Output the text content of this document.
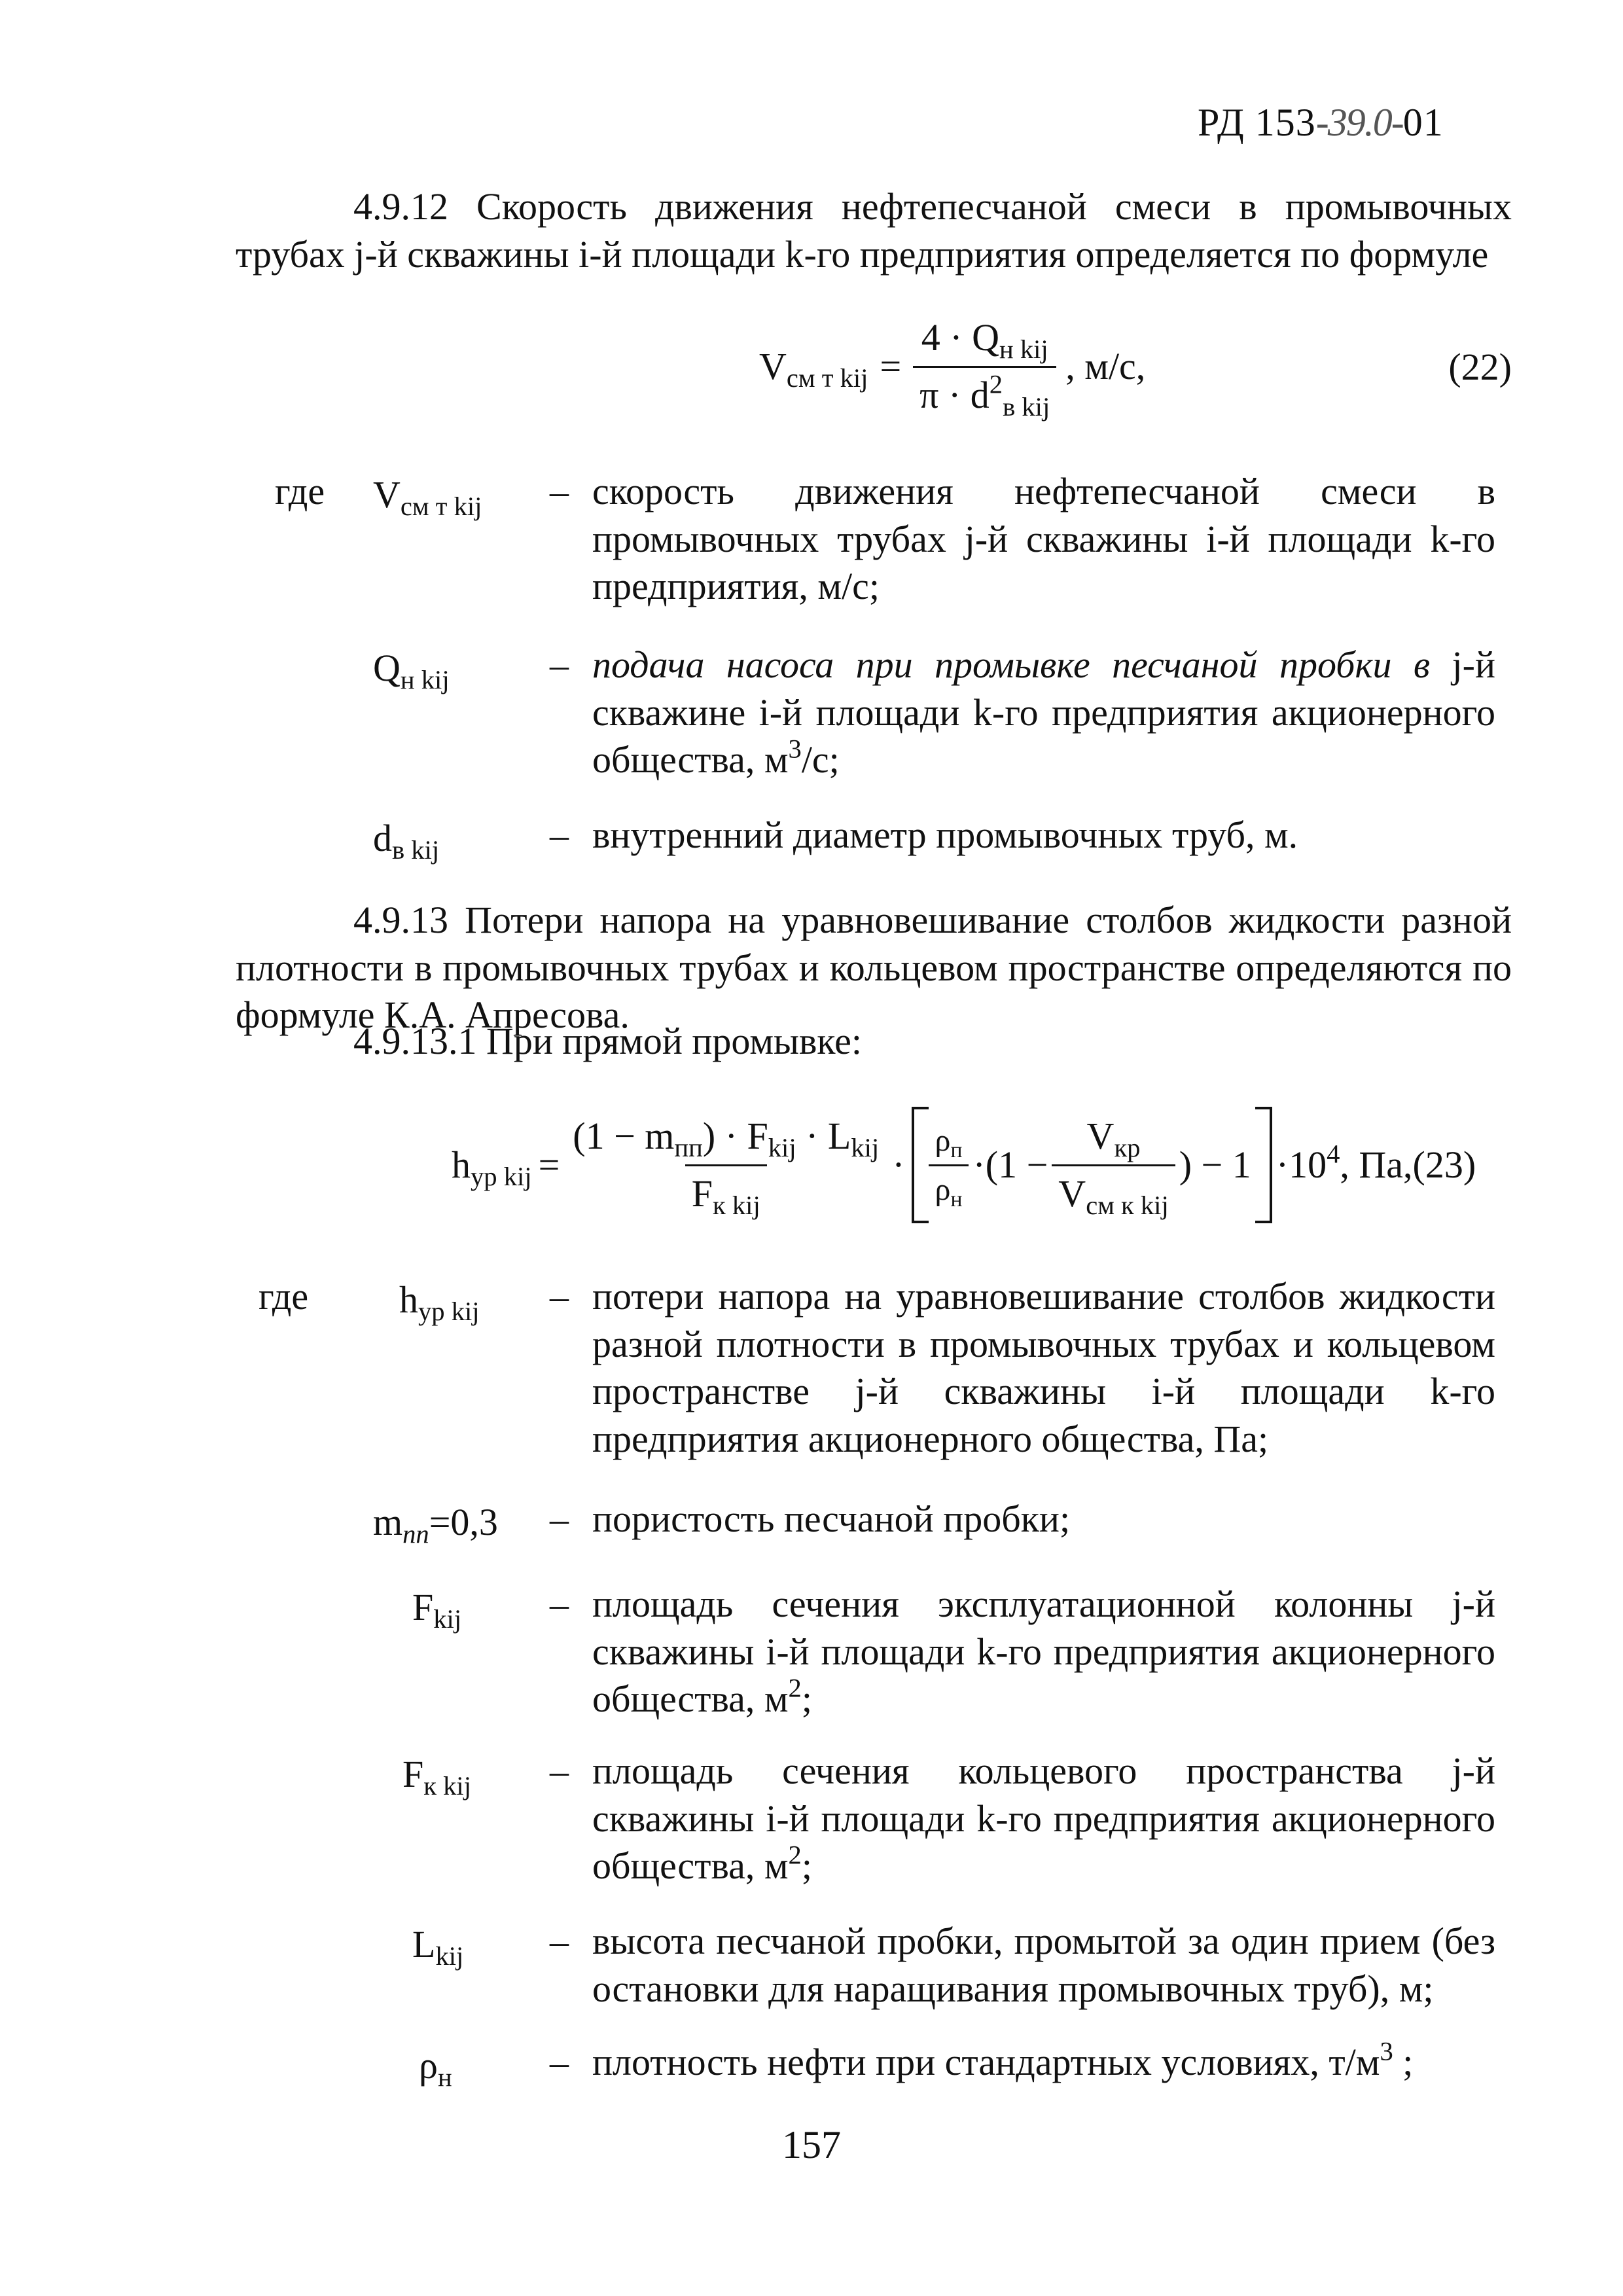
РД 153-39.0-01
4.9.12 Скорость движения нефтепесчаной смеси в промывочных трубах j-й скважины i-й площади k-го предприятия определяется по формуле
$V_{см т kij} = \frac{4 \cdot Q_{н kij}}{\pi \cdot d^2_{в kij}}$ , м/с,	(22)
где $V_{см т kij}$	– скорость движения нефтепесчаной смеси в промывочных трубах j-й скважины i-й площади k-го предприятия, м/с;
$Q_{н kij}$	– подача насоса при промывке песчаной пробки в j-й скважине i-й площади k-го предприятия акционерного общества, $м^3/с$;
$d_{в kij}$	– внутренний диаметр промывочных труб, м.
4.9.13 Потери напора на уравновешивание столбов жидкости разной плотности в промывочных трубах и кольцевом пространстве определяются по формуле К.А. Апресова.
4.9.13.1 При прямой промывке:
$h_{ур kij} = \frac{(1 - m_{пп}) \cdot F_{kij} \cdot L_{kij}}{F_{к kij}} \cdot \frac{\rho_п}{\rho_н} \cdot(1 - \frac{V_{кр}}{V_{см к kij}}$ ) − $1 \cdot 10^4$ , Па,(23)
где $h_{ур kij}$	– потери напора на уравновешивание столбов жидкости разной плотности в промывочных трубах и кольцевом пространстве j-й скважины i-й площади k-го предприятия акционерного общества, Па;
$m_{пп}=0,3$	– пористость песчаной пробки;
$F_{kij}$	– площадь сечения эксплуатационной колонны j-й скважины i-й площади k-го предприятия акционерного общества, $м^2$;
$F_{к kij}$	– площадь сечения кольцевого пространства j-й скважины i-й площади k-го предприятия акционерного общества, $м^2$;
$L_{kij}$	– высота песчаной пробки, промытой за один прием (без остановки для наращивания промывочных труб), м;
$\rho_н$	– плотность нефти при стандартных условиях, $т/м^3$ ;
157
